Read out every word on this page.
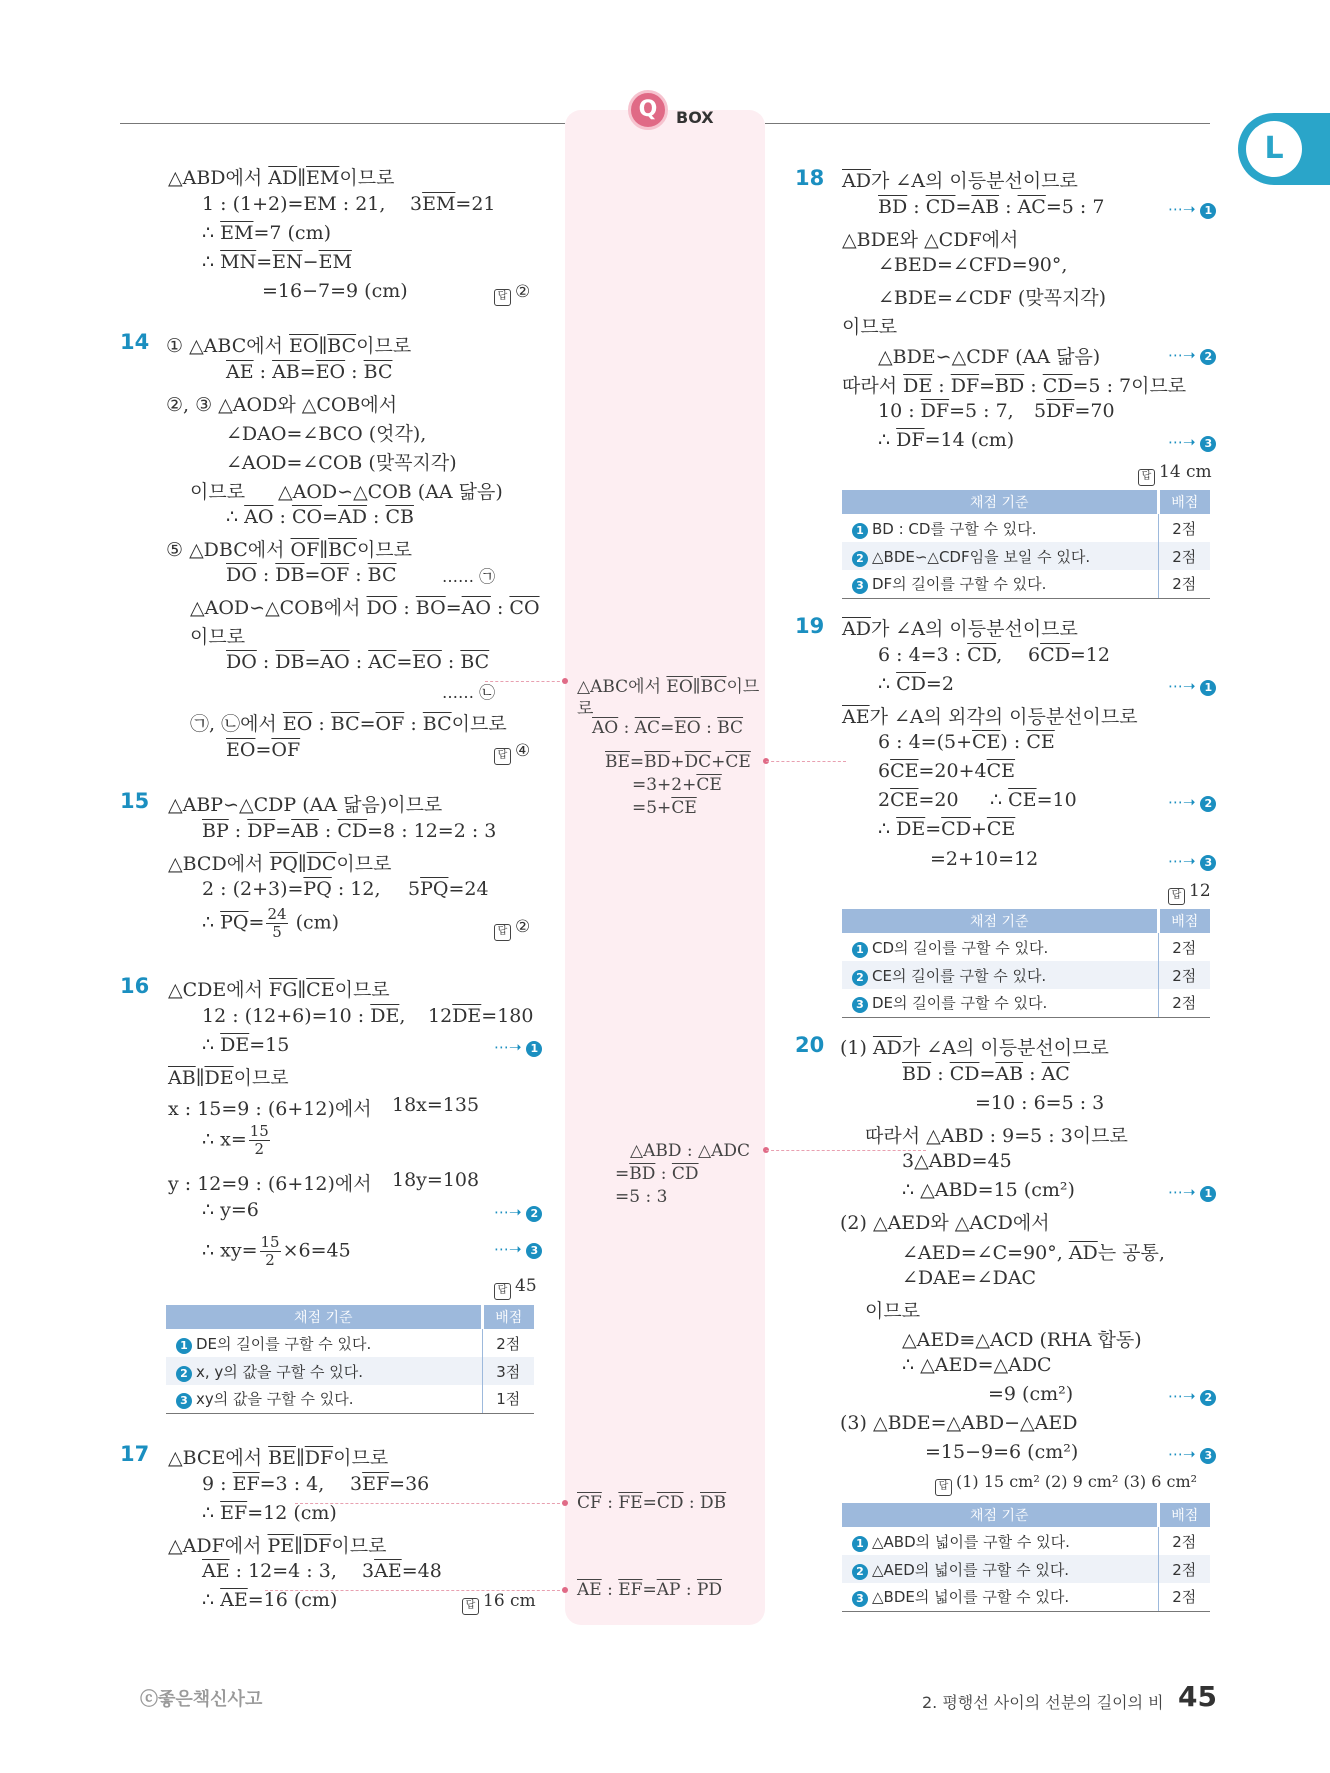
Q	BOX
L
△ABD에서 $\overline{AD}\parallel\overline{EM}$이므로
1 : (1+2)=EM : 21, $3\overline{EM}=21$
∴ $\overline{EM}=7$ (cm)
∴ $\overline{MN}=\overline{EN}-\overline{EM}$
=16−7=9 (cm)	답 ②
14 ① △ABC에서 $\overline{EO}\parallel\overline{BC}$이므로
$\overline{AE}$ : $\overline{AB}=\overline{EO}$ : $\overline{BC}$
②, ③ △AOD와 △COB에서
∠DAO=∠BCO (엇각),
∠AOD=∠COB (맞꼭지각)
이므로 △AOD∽△COB (AA 닮음)
∴ $\overline{AO}$ : $\overline{CO}=\overline{AD}$ : $\overline{CB}$
⑤ △DBC에서 $\overline{OF}\parallel\overline{BC}$이므로
$\overline{DO}$ : $\overline{DB}=\overline{OF}$ : $\overline{BC}$	…… ㉠
△AOD∽△COB에서 $\overline{DO}$ : $\overline{BO}=\overline{AO}$ : $\overline{CO}$
이므로
$\overline{DO}$ : $\overline{DB}=\overline{AO}$ : $\overline{AC}=\overline{EO}$ : $\overline{BC}$
…… ㉡
㉠, ㉡에서 $\overline{EO}$ : $\overline{BC}=\overline{OF}$ : $\overline{BC}$이므로
$\overline{EO}=\overline{OF}$	답 ④
15 △ABP∽△CDP (AA 닮음)이므로
$\overline{BP}$ : $\overline{DP}=\overline{AB}$ : $\overline{CD}=8$ : 12=2 : 3
△BCD에서 $\overline{PQ}\parallel\overline{DC}$이므로
2 : $(2+3)=\overline{PQ}$ : 12, $5\overline{PQ}=24$
∴ $\overline{PQ}= \frac{24}{5} (cm)$	답 ②
16 △CDE에서 $\overline{FG}\parallel\overline{CE}$이므로
12 : (12+6)=10 : $\overline{DE}$, $12\overline{DE}=180$
∴ $\overline{DE}=15$	⋯➝ 1
$\overline{AB}\parallel\overline{DE}$이므로
x : 15=9 : (6+12)에서 18x=135
∴ $x= \frac{15}{2}$
y : 12=9 : (6+12)에서 18y=108
∴ y=6	⋯➝ 2
∴ $xy= \frac{15}{2} \times 6=45$	⋯➝ 3
답 45
채점 기준	배점
1 DE의 길이를 구할 수 있다.	2점
2 x, y의 값을 구할 수 있다.	3점
3 xy의 값을 구할 수 있다.	1점
17 △BCE에서 $\overline{BE}\parallel\overline{DF}$이므로
9 : $\overline{EF}=3$ : 4, $3\overline{EF}=36$
∴ $\overline{EF}=12$ (cm)
△ADF에서 $\overline{PE}\parallel\overline{DF}$이므로
$\overline{AE}$ : 12=4 : 3, $3\overline{AE}=48$
∴ $\overline{AE}=16$ (cm)	답 16 cm
△ABC에서 $\overline{EO}\parallel\overline{BC}$이므
로
$\overline{AO}$ : $\overline{AC}=\overline{EO}$ : $\overline{BC}$
$\overline{BE}=\overline{BD}+\overline{DC}+\overline{CE}$
$=3+2+\overline{CE}$
$=5+\overline{CE}$
△ABD : △ADC
$=\overline{BD}$ : $\overline{CD}$
=5 : 3
$\overline{CF}$ : $\overline{FE}=\overline{CD}$ : $\overline{DB}$
$\overline{AE}$ : $\overline{EF}=\overline{AP}$ : $\overline{PD}$
18 $\overline{AD}$가 ∠A의 이등분선이므로
$\overline{BD}$ : $\overline{CD}=\overline{AB}$ : $\overline{AC}=5$ : 7	⋯➝ 1
△BDE와 △CDF에서
∠BED=∠CFD=90°,
∠BDE=∠CDF (맞꼭지각)
이므로
△BDE∽△CDF (AA 닮음)	⋯➝ 2
따라서 $\overline{DE}$ : $\overline{DF}=\overline{BD}$ : $\overline{CD}=5$ : 7이므로
10 : $\overline{DF}=5$ : 7, $5\overline{DF}=70$
∴ $\overline{DF}=14$ (cm)	⋯➝ 3
답 14 cm
채점 기준	배점
1 BD : CD를 구할 수 있다.	2점
2 △BDE∽△CDF임을 보일 수 있다.	2점
3 DF의 길이를 구할 수 있다.	2점
19 $\overline{AD}$가 ∠A의 이등분선이므로
6 : 4=3 : $\overline{CD}$, $6\overline{CD}=12$
∴ $\overline{CD}=2$	⋯➝ 1
$\overline{AE}$가 ∠A의 외각의 이등분선이므로
6 : $4=(5+\overline{CE})$ : $\overline{CE}$
$6\overline{CE}=20+4\overline{CE}$
$2\overline{CE}=20$ ∴ $\overline{CE}=10$	⋯➝ 2
∴ $\overline{DE}=\overline{CD}+\overline{CE}$
=2+10=12	⋯➝ 3
답 12
채점 기준	배점
1 CD의 길이를 구할 수 있다.	2점
2 CE의 길이를 구할 수 있다.	2점
3 DE의 길이를 구할 수 있다.	2점
20 (1) $\overline{AD}$가 ∠A의 이등분선이므로
$\overline{BD}$ : $\overline{CD}=\overline{AB}$ : $\overline{AC}$
=10 : 6=5 : 3
따라서 △ABD : 9=5 : 3이므로
3△ABD=45
∴ △ABD=15 (cm²)	⋯➝ 1
(2) △AED와 △ACD에서
∠AED=∠C=90°, $\overline{AD}$는 공통,
∠DAE=∠DAC
이므로
△AED≡△ACD (RHA 합동)
∴ △AED=△ADC
=9 (cm²)	⋯➝ 2
(3) △BDE=△ABD−△AED
=15−9=6 (cm²)	⋯➝ 3
답 (1) 15 cm² (2) 9 cm² (3) 6 cm²
채점 기준	배점
1 △ABD의 넓이를 구할 수 있다.	2점
2 △AED의 넓이를 구할 수 있다.	2점
3 △BDE의 넓이를 구할 수 있다.	2점
ⓒ좋은책신사고	2. 평행선 사이의 선분의 길이의 비 45
